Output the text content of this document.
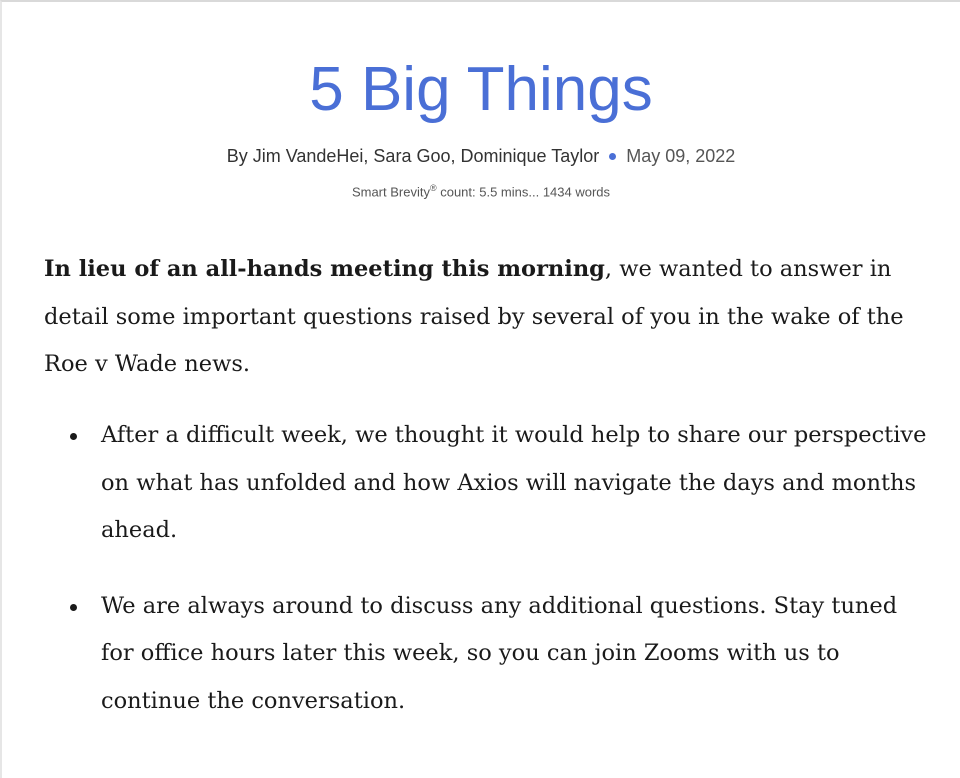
5 Big Things
By Jim VandeHei, Sara Goo, Dominique Taylor May 09, 2022
Smart Brevity® count: 5.5 mins... 1434 words

In lieu of an all-hands meeting this morning, we wanted to answer in detail some important questions raised by several of you in the wake of the Roe v Wade news.

After a difficult week, we thought it would help to share our perspective on what has unfolded and how Axios will navigate the days and months ahead.
We are always around to discuss any additional questions. Stay tuned for office hours later this week, so you can join Zooms with us to continue the conversation.
